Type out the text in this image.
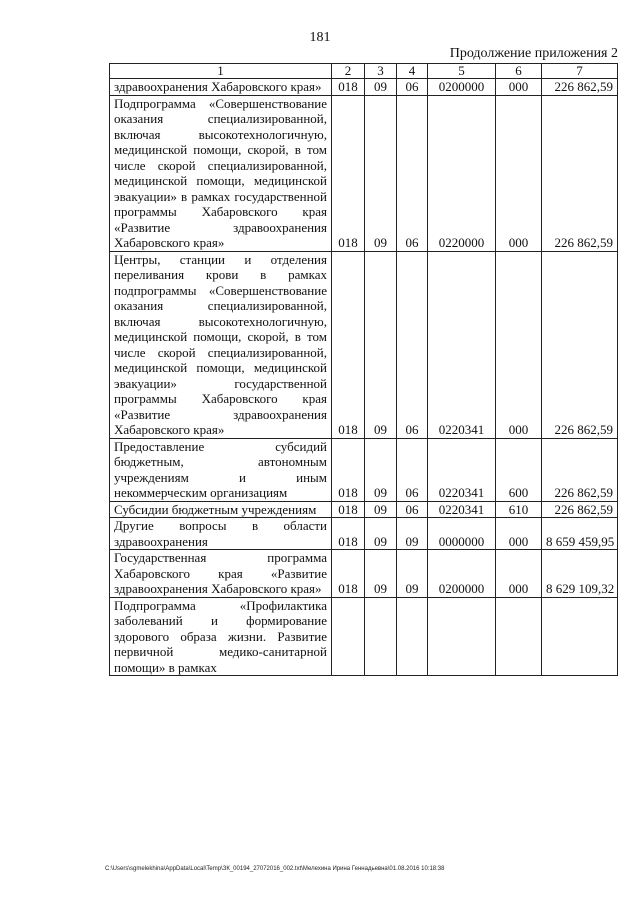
181
Продолжение приложения 2
1	2	3	4	5	6	7
здравоохранения Хабаровского края»	018	09	06	0200000	000	226 862,59
Подпрограмма «Совершенствование оказания специализированной, включая высокотехнологичную, медицинской помощи, скорой, в том числе скорой специализированной, медицинской помощи, медицинской эвакуации» в рамках государственной программы Хабаровского края «Развитие здравоохранения Хабаровского края»	018	09	06	0220000	000	226 862,59
Центры, станции и отделения переливания крови в рамках подпрограммы «Совершенствование оказания специализированной, включая высокотехнологичную, медицинской помощи, скорой, в том числе скорой специализированной, медицинской помощи, медицинской эвакуации» государственной программы Хабаровского края «Развитие здравоохранения Хабаровского края»	018	09	06	0220341	000	226 862,59
Предоставление субсидий бюджетным, автономным учреждениям и иным некоммерческим организациям	018	09	06	0220341	600	226 862,59
Субсидии бюджетным учреждениям	018	09	06	0220341	610	226 862,59
Другие вопросы в области здравоохранения	018	09	09	0000000	000	8 659 459,95
Государственная программа Хабаровского края «Развитие здравоохранения Хабаровского края»	018	09	09	0200000	000	8 629 109,32
Подпрограмма «Профилактика заболеваний и формирование здорового образа жизни. Развитие первичной медико-санитарной помощи» в рамках						
C:\Users\sgmelekhina\AppData\Local\Temp\ЗК_00194_27072016_002.txt\Мелехина Ирина Геннадьевна\01.08.2016 10:18:38
